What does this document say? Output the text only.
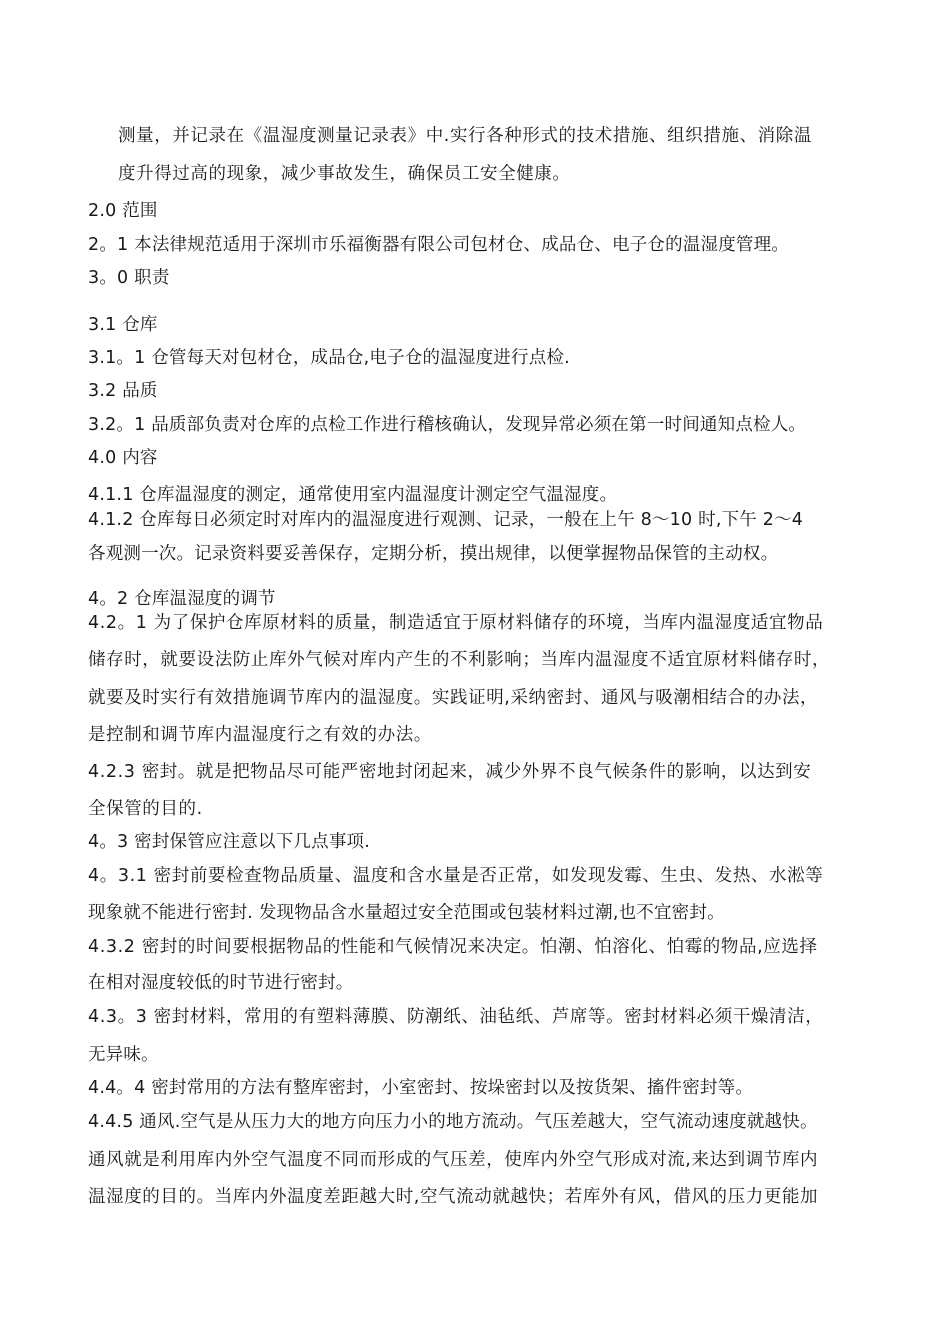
测量，并记录在《温湿度测量记录表》中.实行各种形式的技术措施、组织措施、消除温
度升得过高的现象，减少事故发生，确保员工安全健康。
2.0 范围
2。1 本法律规范适用于深圳市乐福衡器有限公司包材仓、成品仓、电子仓的温湿度管理。
3。0 职责
3.1 仓库
3.1。1 仓管每天对包材仓，成品仓,电子仓的温湿度进行点检.
3.2 品质
3.2。1 品质部负责对仓库的点检工作进行稽核确认，发现异常必须在第一时间通知点检人。
4.0 内容
4.1.1 仓库温湿度的测定，通常使用室内温湿度计测定空气温湿度。
4.1.2 仓库每日必须定时对库内的温湿度进行观测、记录，一般在上午 8～10 时,下午 2～4
各观测一次。记录资料要妥善保存，定期分析，摸出规律，以便掌握物品保管的主动权。
4。2 仓库温湿度的调节
4.2。1 为了保护仓库原材料的质量，制造适宜于原材料储存的环境，当库内温湿度适宜物品
储存时，就要设法防止库外气候对库内产生的不利影响；当库内温湿度不适宜原材料储存时，
就要及时实行有效措施调节库内的温湿度。实践证明,采纳密封、通风与吸潮相结合的办法，
是控制和调节库内温湿度行之有效的办法。
4.2.3 密封。就是把物品尽可能严密地封闭起来，减少外界不良气候条件的影响，以达到安
全保管的目的.
4。3 密封保管应注意以下几点事项.
4。3.1 密封前要检查物品质量、温度和含水量是否正常，如发现发霉、生虫、发热、水淞等
现象就不能进行密封. 发现物品含水量超过安全范围或包装材料过潮,也不宜密封。
4.3.2 密封的时间要根据物品的性能和气候情况来决定。怕潮、怕溶化、怕霉的物品,应选择
在相对湿度较低的时节进行密封。
4.3。3 密封材料，常用的有塑料薄膜、防潮纸、油毡纸、芦席等。密封材料必须干燥清洁，
无异味。
4.4。4 密封常用的方法有整库密封，小室密封、按垛密封以及按货架、搐件密封等。
4.4.5 通风.空气是从压力大的地方向压力小的地方流动。气压差越大，空气流动速度就越快。
通风就是利用库内外空气温度不同而形成的气压差，使库内外空气形成对流,来达到调节库内
温湿度的目的。当库内外温度差距越大时,空气流动就越快；若库外有风，借风的压力更能加
